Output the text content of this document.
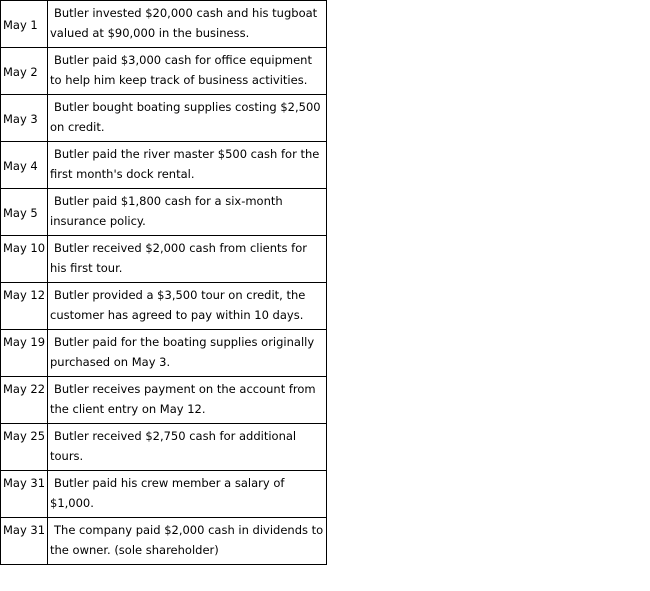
May 1	Butler invested $20,000 cash and his tugboat valued at $90,000 in the business.
May 2	Butler paid $3,000 cash for office equipment to help him keep track of business activities.
May 3	Butler bought boating supplies costing $2,500 on credit.
May 4	Butler paid the river master $500 cash for the first month's dock rental.
May 5	Butler paid $1,800 cash for a six-month insurance policy.
May 10	Butler received $2,000 cash from clients for his first tour.
May 12	Butler provided a $3,500 tour on credit, the customer has agreed to pay within 10 days.
May 19	Butler paid for the boating supplies originally purchased on May 3.
May 22	Butler receives payment on the account from the client entry on May 12.
May 25	Butler received $2,750 cash for additional tours.
May 31	Butler paid his crew member a salary of $1,000.
May 31	The company paid $2,000 cash in dividends to the owner. (sole shareholder)
